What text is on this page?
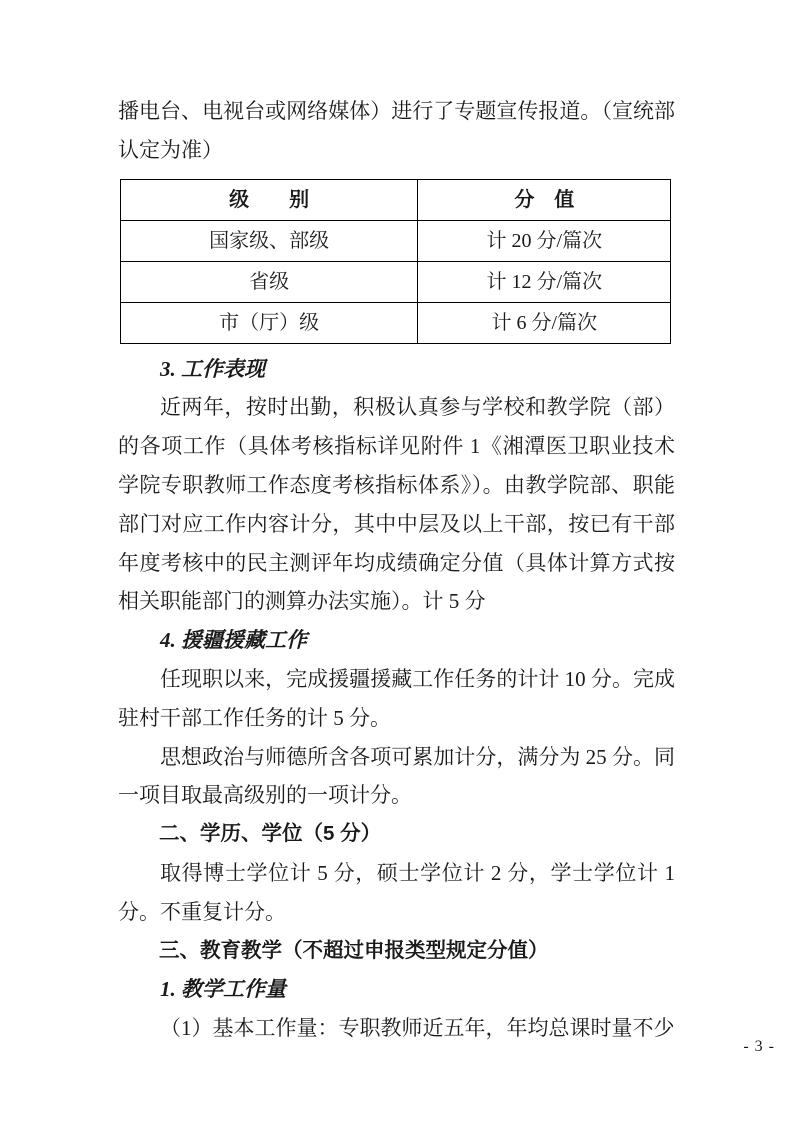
播电台、电视台或网络媒体）进行了专题宣传报道。（宣统部认定为准）

级　　别	分　值
国家级、部级	计 20 分/篇次
省级	计 12 分/篇次
市（厅）级	计 6 分/篇次

3. 工作表现

近两年，按时出勤，积极认真参与学校和教学院（部）的各项工作（具体考核指标详见附件 1《湘潭医卫职业技术学院专职教师工作态度考核指标体系》）。由教学院部、职能部门对应工作内容计分，其中中层及以上干部，按已有干部年度考核中的民主测评年均成绩确定分值（具体计算方式按相关职能部门的测算办法实施）。计 5 分

4. 援疆援藏工作

任现职以来，完成援疆援藏工作任务的计计 10 分。完成驻村干部工作任务的计 5 分。

思想政治与师德所含各项可累加计分，满分为 25 分。同一项目取最高级别的一项计分。

二、学历、学位（5 分）

取得博士学位计 5 分，硕士学位计 2 分，学士学位计 1 分。不重复计分。

三、教育教学（不超过申报类型规定分值）

1. 教学工作量

（1）基本工作量：专职教师近五年，年均总课时量不少

- 3 -
